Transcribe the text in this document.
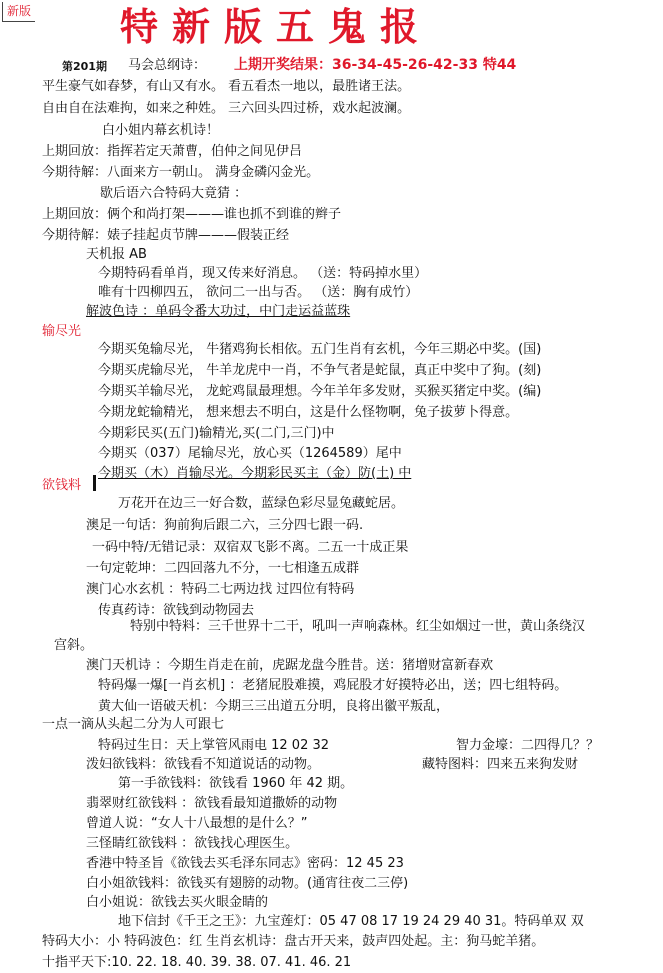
新版 特新版五鬼报
第201期 马会总纲诗： 上期开奖结果：36-34-45-26-42-33 特44
平生豪气如春梦，有山又有水。 看五看杰一地以，最胜诸王法。
自由自在法难拘，如来之种姓。 三六回头四过桥，戏水起波澜。
白小姐内幕玄机诗！
上期回放：指挥若定天萧曹，伯仲之间见伊吕
今期待解：八面来方一朝山。 满身金磷闪金光。
歇后语六合特码大竟猜 ：
上期回放：俩个和尚打架———谁也抓不到谁的辫子
今期待解：婊子挂起贞节牌———假装正经
天机报 AB
今期特码看单肖，现又传来好消息。 （送：特码掉水里）
唯有十四柳四五， 欲问二一出与否。 （送：胸有成竹）
解波色诗 ：单码令番大功过，中门走运益蓝珠
输尽光
今期买兔输尽光， 牛猪鸡狗长相依。五门生肖有玄机，今年三期必中奖。(国)
今期买虎输尽光， 牛羊龙虎中一肖，不争气者是蛇鼠，真正中奖中了狗。(刻)
今期买羊输尽光， 龙蛇鸡鼠最理想。今年羊年多发财，买猴买猪定中奖。(编)
今期龙蛇输精光， 想来想去不明白，这是什么怪物啊，兔子拔萝卜得意。
今期彩民买(五门)输精光,买(二门,三门)中
今期买（037）尾输尽光，放心买（1264589）尾中
今期买（木）肖输尽光。今期彩民买主（金）防(土) 中
欲钱料
万花开在边三一好合数，蓝绿色彩尽显兔藏蛇居。
澳足一句话：狗前狗后跟二六，三分四七跟一码.
一码中特/无错记录：双宿双飞影不离。二五一十成正果
一句定乾坤：二四回落九不分，一七相逢五成群
澳门心水玄机 ：特码二七两边找 过四位有特码
传真药诗：欲钱到动物园去
特别中特料：三千世界十二干，吼叫一声响森林。红尘如烟过一世，黄山条绕汉
宫斜。
澳门天机诗 ：今期生肖走在前，虎踞龙盘今胜昔。送：猪增财富新春欢
特码爆一爆[一肖玄机] ：老猪屁股难摸，鸡屁股才好摸特必出，送；四七组特码。
黄大仙一语破天机：今期三三出道五分明，良将出徽平叛乱，
一点一滴从头起二分为人可跟七
特码过生日：天上掌管风雨电 12 02 32	智力金壕：二四得几？？
泼妇欲钱料：欲钱看不知道说话的动物。	藏特图料：四来五来狗发财
第一手欲钱料：欲钱看 1960 年 42 期。
翡翠财红欲钱料 ：欲钱看最知道撒娇的动物
曾道人说：“女人十八最想的是什么？”
三怪睛红欲钱料 ：欲钱找心理医生。
香港中特圣旨《欲钱去买毛泽东同志》密码：12 45 23
白小姐欲钱料：欲钱买有翅膀的动物。(通宵往夜二三停)
白小姐说：欲钱去买火眼金睛的
地下信封《千王之王》：九宝莲灯：05 47 08 17 19 24 29 40 31。特码单双 双
特码大小：小 特码波色：红 生肖玄机诗：盘古开天来，鼓声四处起。主：狗马蛇羊猪。
十指平天下:10. 22. 18. 40. 39. 38. 07. 41. 46. 21
